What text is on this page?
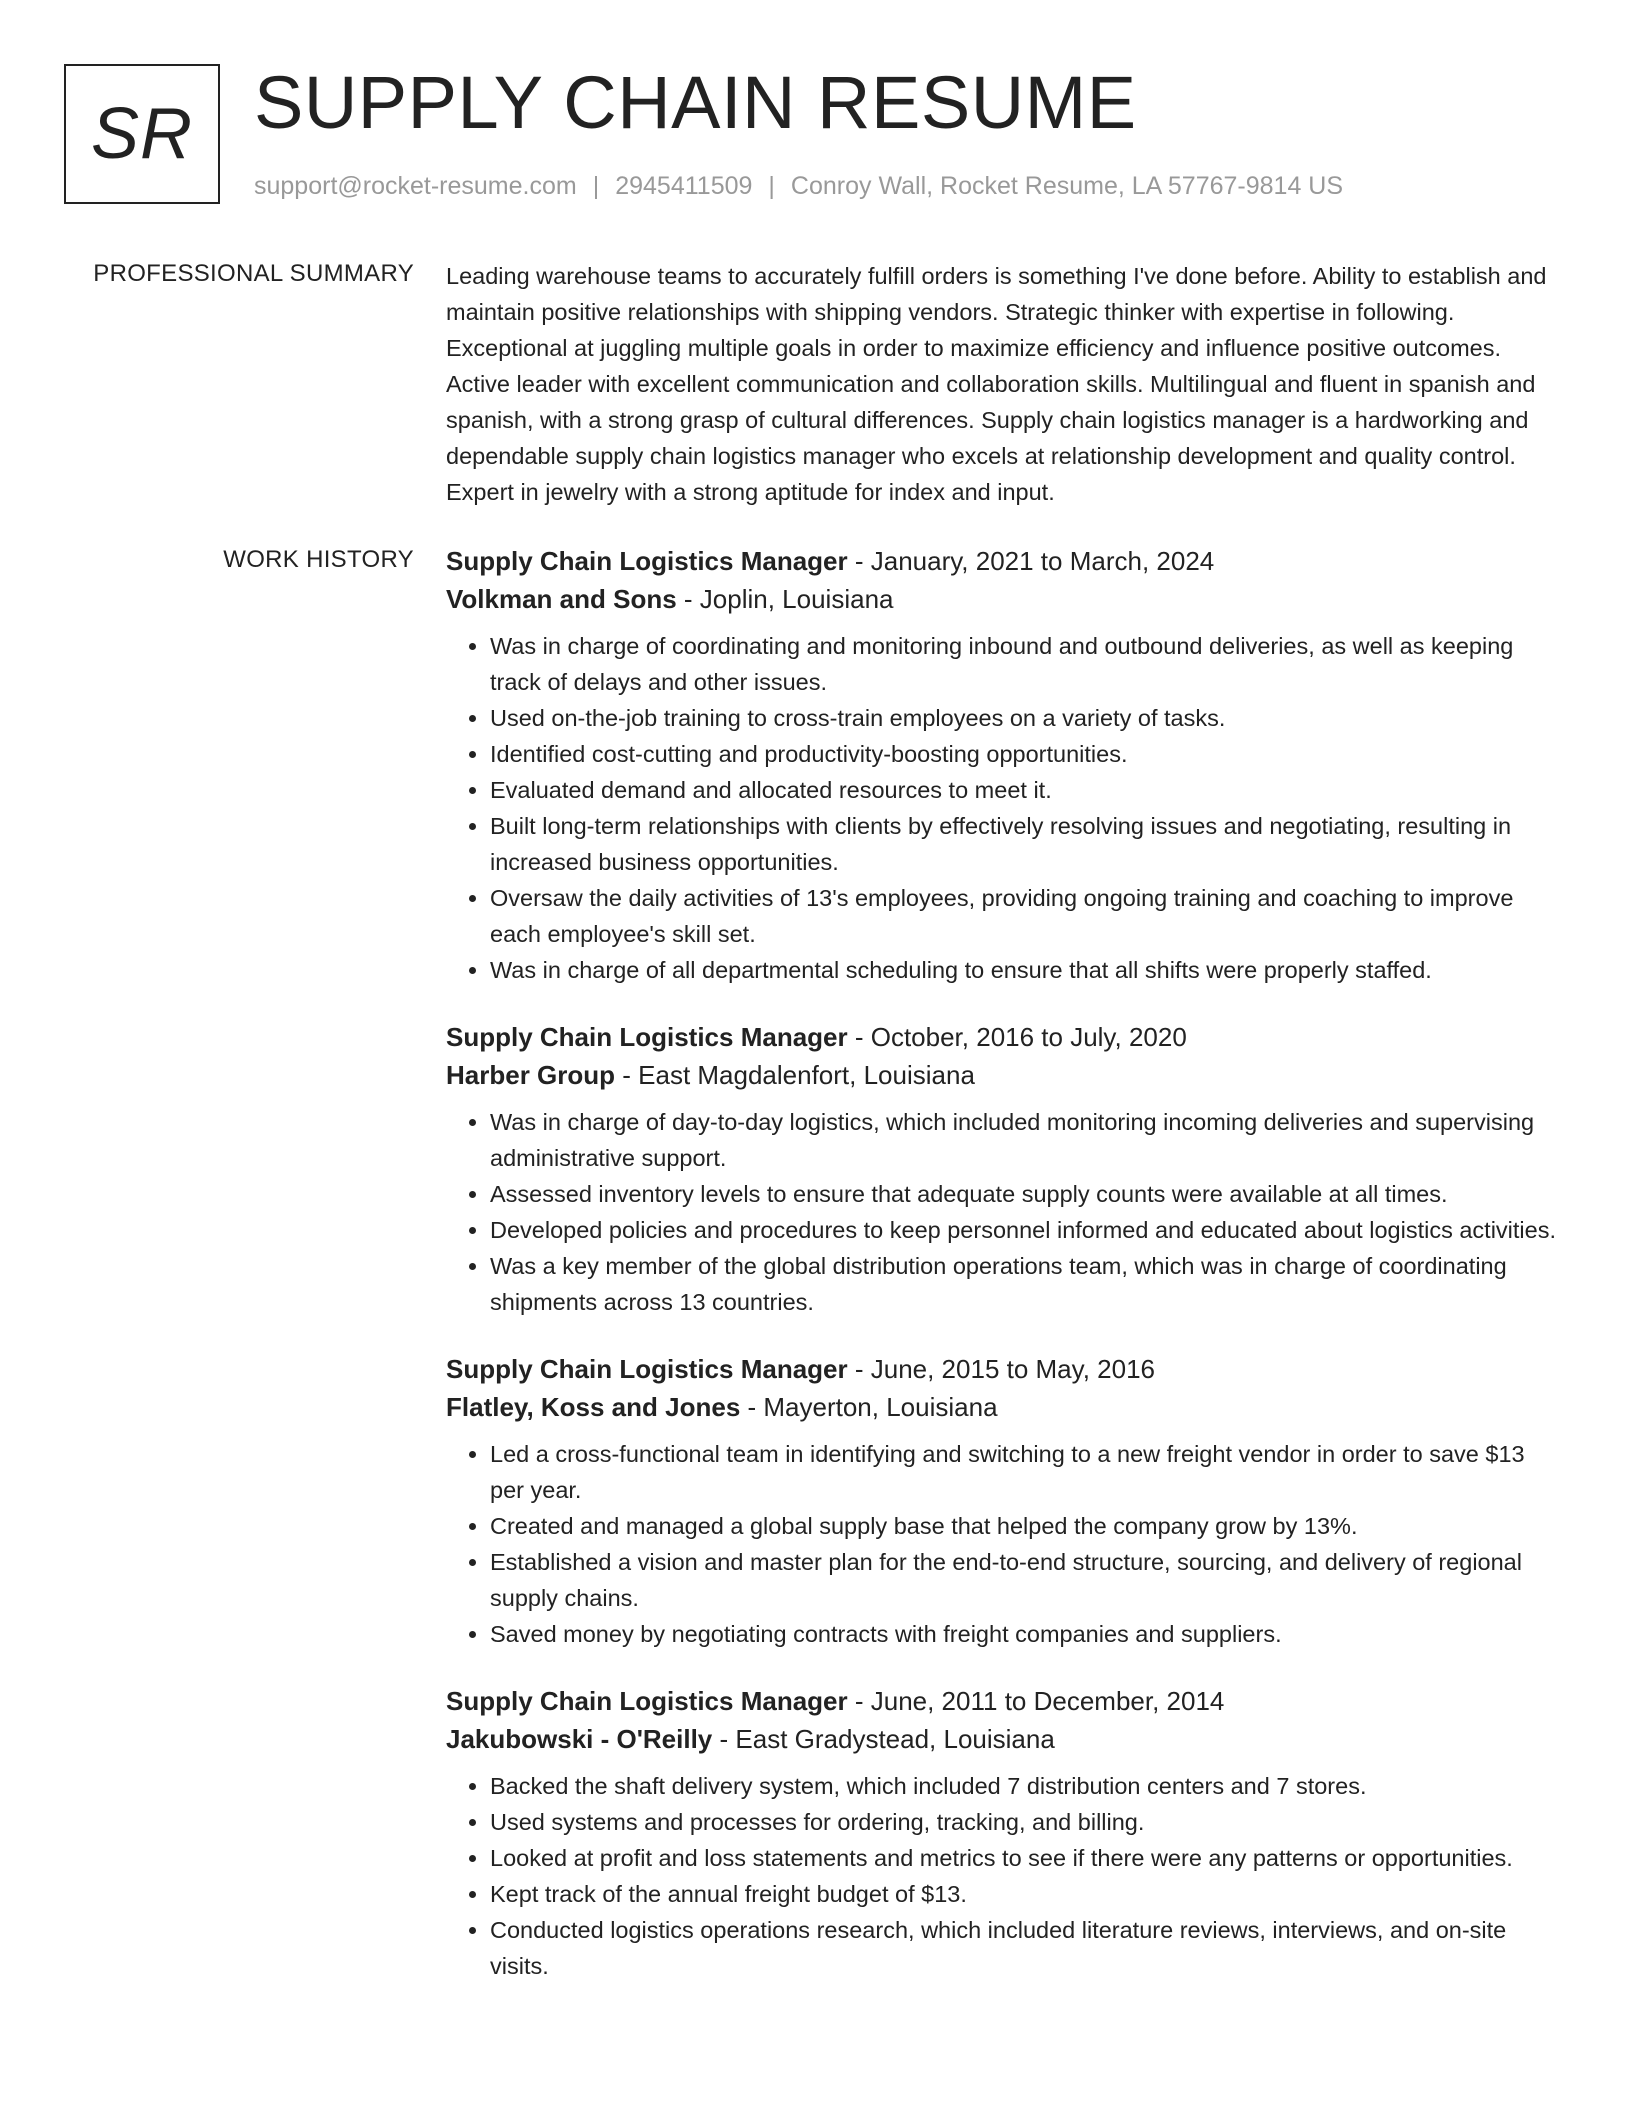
SR SUPPLY CHAIN RESUME
support@rocket-resume.com | 2945411509 | Conroy Wall, Rocket Resume, LA 57767-9814 US
PROFESSIONAL SUMMARY Leading warehouse teams to accurately fulfill orders is something I've done before. Ability to establish and maintain positive relationships with shipping vendors. Strategic thinker with expertise in following. Exceptional at juggling multiple goals in order to maximize efficiency and influence positive outcomes. Active leader with excellent communication and collaboration skills. Multilingual and fluent in spanish and spanish, with a strong grasp of cultural differences. Supply chain logistics manager is a hardworking and dependable supply chain logistics manager who excels at relationship development and quality control. Expert in jewelry with a strong aptitude for index and input.

WORK HISTORY Supply Chain Logistics Manager - January, 2021 to March, 2024
Volkman and Sons - Joplin, Louisiana
• Was in charge of coordinating and monitoring inbound and outbound deliveries, as well as keeping track of delays and other issues.
• Used on-the-job training to cross-train employees on a variety of tasks.
• Identified cost-cutting and productivity-boosting opportunities.
• Evaluated demand and allocated resources to meet it.
• Built long-term relationships with clients by effectively resolving issues and negotiating, resulting in increased business opportunities.
• Oversaw the daily activities of 13's employees, providing ongoing training and coaching to improve each employee's skill set.
• Was in charge of all departmental scheduling to ensure that all shifts were properly staffed.
Supply Chain Logistics Manager - October, 2016 to July, 2020
Harber Group - East Magdalenfort, Louisiana
• Was in charge of day-to-day logistics, which included monitoring incoming deliveries and supervising administrative support.
• Assessed inventory levels to ensure that adequate supply counts were available at all times.
• Developed policies and procedures to keep personnel informed and educated about logistics activities.
• Was a key member of the global distribution operations team, which was in charge of coordinating shipments across 13 countries.
Supply Chain Logistics Manager - June, 2015 to May, 2016
Flatley, Koss and Jones - Mayerton, Louisiana
• Led a cross-functional team in identifying and switching to a new freight vendor in order to save $13 per year.
• Created and managed a global supply base that helped the company grow by 13%.
• Established a vision and master plan for the end-to-end structure, sourcing, and delivery of regional supply chains.
• Saved money by negotiating contracts with freight companies and suppliers.
Supply Chain Logistics Manager - June, 2011 to December, 2014
Jakubowski - O'Reilly - East Gradystead, Louisiana
• Backed the shaft delivery system, which included 7 distribution centers and 7 stores.
• Used systems and processes for ordering, tracking, and billing.
• Looked at profit and loss statements and metrics to see if there were any patterns or opportunities.
• Kept track of the annual freight budget of $13.
• Conducted logistics operations research, which included literature reviews, interviews, and on-site visits.
